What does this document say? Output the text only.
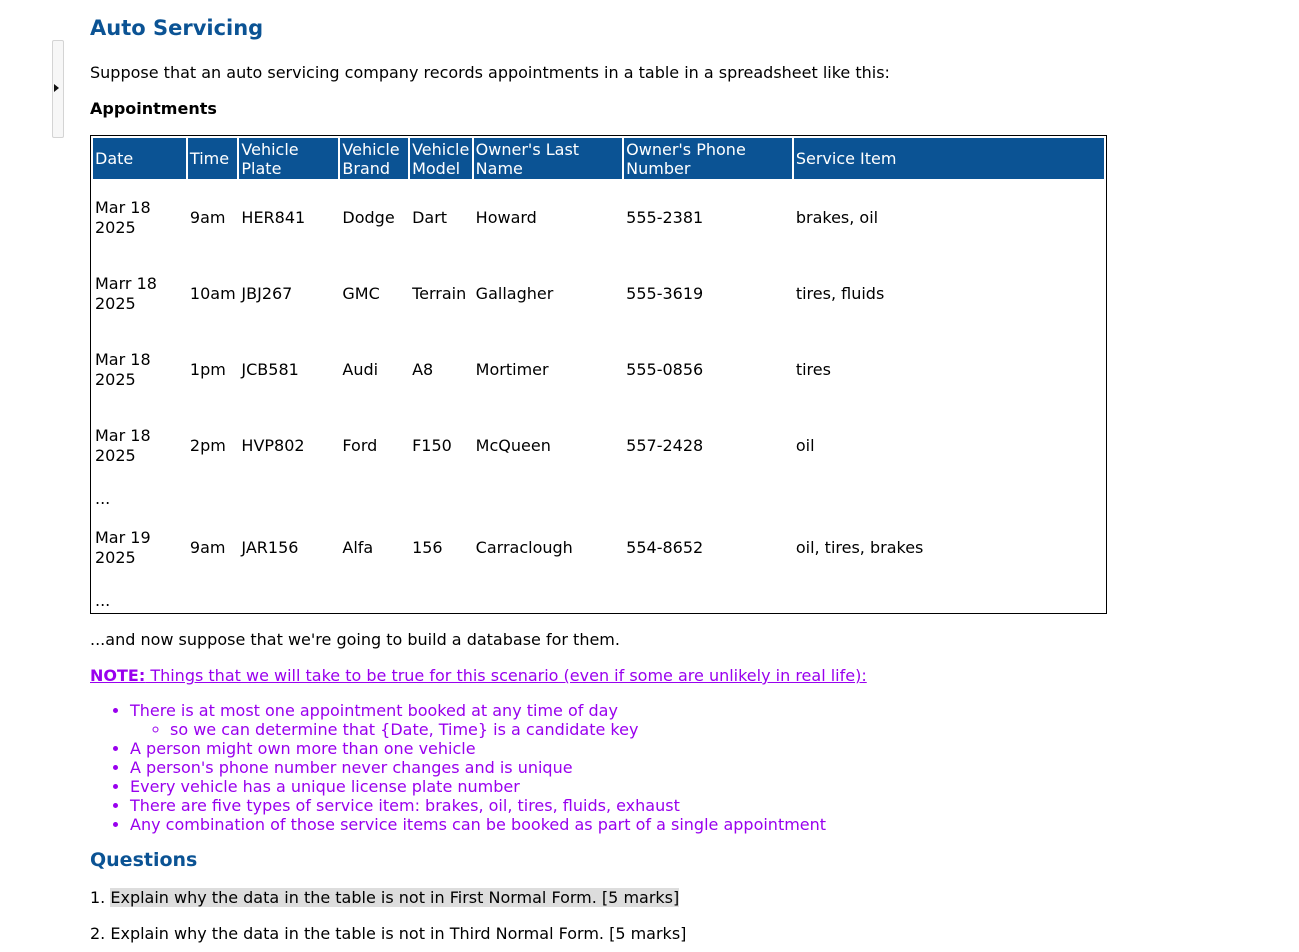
Auto Servicing

Suppose that an auto servicing company records appointments in a table in a spreadsheet like this:

Appointments

Date	Time	Vehicle Plate	Vehicle Brand	Vehicle Model	Owner's Last Name	Owner's Phone Number	Service Item
Mar 18 2025	9am	HER841	Dodge	Dart	Howard	555-2381	brakes, oil
Marr 18 2025	10am	JBJ267	GMC	Terrain	Gallagher	555-3619	tires, fluids
Mar 18 2025	1pm	JCB581	Audi	A8	Mortimer	555-0856	tires
Mar 18 2025	2pm	HVP802	Ford	F150	McQueen	557-2428	oil
...							
Mar 19 2025	9am	JAR156	Alfa	156	Carraclough	554-8652	oil, tires, brakes
...							

...and now suppose that we're going to build a database for them.

NOTE: Things that we will take to be true for this scenario (even if some are unlikely in real life):
• There is at most one appointment booked at any time of day
◦ so we can determine that {Date, Time} is a candidate key
• A person might own more than one vehicle
• A person's phone number never changes and is unique
• Every vehicle has a unique license plate number
• There are five types of service item: brakes, oil, tires, fluids, exhaust
• Any combination of those service items can be booked as part of a single appointment
Questions

1. Explain why the data in the table is not in First Normal Form. [5 marks]

2. Explain why the data in the table is not in Third Normal Form. [5 marks]
